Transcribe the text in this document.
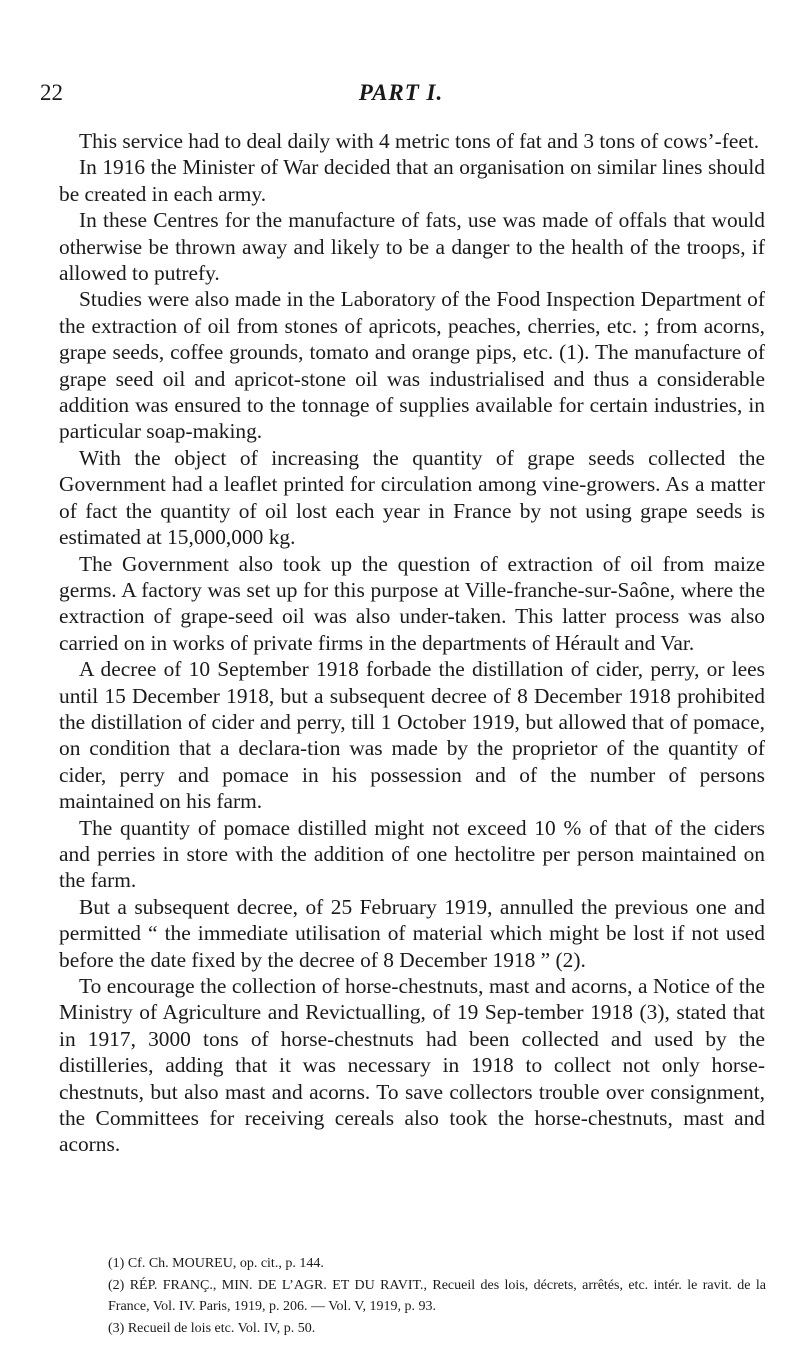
22	PART I.

This service had to deal daily with 4 metric tons of fat and 3 tons of cows’-feet.

In 1916 the Minister of War decided that an organisation on similar lines should be created in each army.

In these Centres for the manufacture of fats, use was made of offals that would otherwise be thrown away and likely to be a danger to the health of the troops, if allowed to putrefy.

Studies were also made in the Laboratory of the Food Inspection Department of the extraction of oil from stones of apricots, peaches, cherries, etc. ; from acorns, grape seeds, coffee grounds, tomato and orange pips, etc. (1). The manufacture of grape seed oil and apricot-stone oil was industrialised and thus a considerable addition was ensured to the tonnage of supplies available for certain industries, in particular soap-making.

With the object of increasing the quantity of grape seeds collected the Government had a leaflet printed for circulation among vine-growers. As a matter of fact the quantity of oil lost each year in France by not using grape seeds is estimated at 15,000,000 kg.

The Government also took up the question of extraction of oil from maize germs. A factory was set up for this purpose at Ville-franche-sur-Saône, where the extraction of grape-seed oil was also under-taken. This latter process was also carried on in works of private firms in the departments of Hérault and Var.

A decree of 10 September 1918 forbade the distillation of cider, perry, or lees until 15 December 1918, but a subsequent decree of 8 December 1918 prohibited the distillation of cider and perry, till 1 October 1919, but allowed that of pomace, on condition that a declara-tion was made by the proprietor of the quantity of cider, perry and pomace in his possession and of the number of persons maintained on his farm.

The quantity of pomace distilled might not exceed 10 % of that of the ciders and perries in store with the addition of one hectolitre per person maintained on the farm.

But a subsequent decree, of 25 February 1919, annulled the previous one and permitted “ the immediate utilisation of material which might be lost if not used before the date fixed by the decree of 8 December 1918 ” (2).

To encourage the collection of horse-chestnuts, mast and acorns, a Notice of the Ministry of Agriculture and Revictualling, of 19 Sep-tember 1918 (3), stated that in 1917, 3000 tons of horse-chestnuts had been collected and used by the distilleries, adding that it was necessary in 1918 to collect not only horse-chestnuts, but also mast and acorns. To save collectors trouble over consignment, the Committees for receiving cereals also took the horse-chestnuts, mast and acorns.

(1) Cf. Ch. MOUREU, op. cit., p. 144.

(2) RÉP. FRANÇ., MIN. DE L’AGR. ET DU RAVIT., Recueil des lois, décrets, arrêtés, etc. intér. le ravit. de la France, Vol. IV. Paris, 1919, p. 206. — Vol. V, 1919, p. 93.

(3) Recueil de lois etc. Vol. IV, p. 50.
